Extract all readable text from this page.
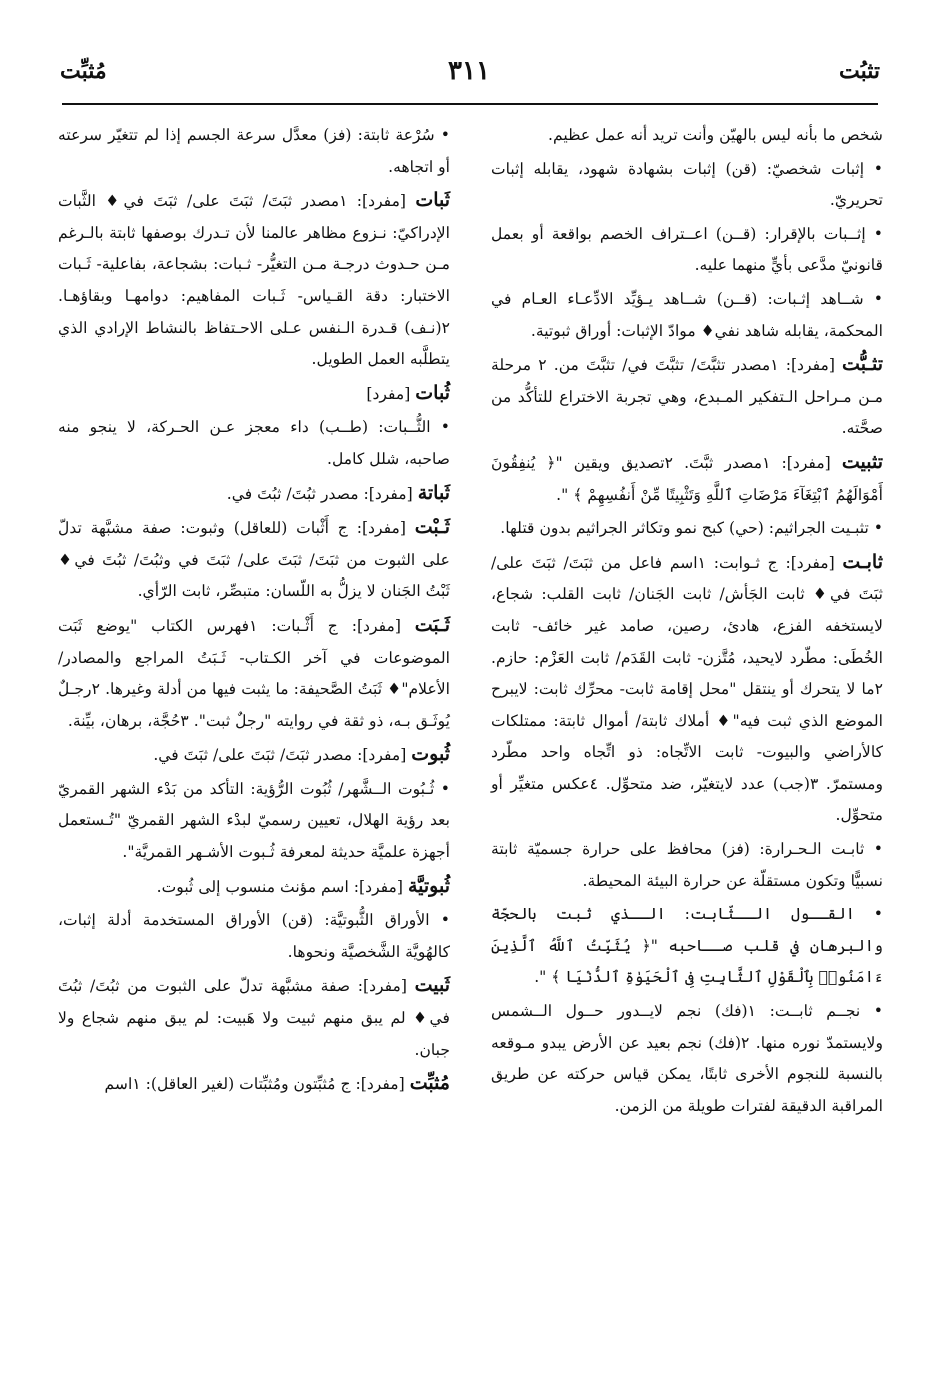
تثبُت
٣١١
مُثبِّت
شخص ما بأنه ليس بالهيّن وأنت تريد أنه عمل عظيم.
• إثبات شخصيّ: (قن) إثبات بشهادة شهود، يقابله إثبات تحريريّ.
• إثــبات بالإقرار: (قــن) اعــتراف الخصم بواقعة أو بعمل قانونيّ مدَّعى بأيٍّ منهما عليه.
• شــاهد إثـبات: (قــن) شــاهد يـؤيِّد الادِّعـاء العـام في المحكمة، يقابله شاهد نفي♦ موادّ الإثبات: أوراق ثبوتية.
تثـبُّت [مفرد]: ١مصدر تثبَّتَ/ تثبَّتَ في/ تثبَّتَ من. ٢ مرحلة مـن مـراحل الـتفكير المـبدع، وهي تجربة الاختراع للتأكُّد من صحَّته.
تثبيت [مفرد]: ١مصدر ثبَّتَ. ٢تصديق ويقين "﴿ يُنفِقُونَ أَمْوَالَهُمُ ٱبْتِغَآءَ مَرْضَاتِ ٱللَّهِ وَتَثْبِيتًا مِّنْ أَنفُسِهِمْ ﴾ ".
• تثبـيت الجراثيم: (حي) كبح نمو وتكاثر الجراثيم بدون قتلها.
ثابـت [مفرد]: ج ثـوابت: ١اسم فاعل من ثبَتَ/ ثبَتَ على/ ثبَتَ في♦ ثابت الجَأش/ ثابت الجَنان/ ثابت القلب: شجاع، لايستخفه الفزع، هادئ، رصين، صامد غير خائف- ثابت الخُطَى: مطّرد لايحيد، مُتَّزن- ثابت القَدَم/ ثابت العَزْم: حازم. ٢ما لا يتحرك أو ينتقل "محل إقامة ثابت- محرِّك ثابت: لايبرح الموضع الذي ثبت فيه"♦ أملاك ثابتة/ أموال ثابتة: ممتلكات كالأراضي والبيوت- ثابت الاتِّجاه: ذو اتِّجاه واحد مطّرد ومستمرّ. ٣(جب) عدد لايتغيّر، ضد متحوِّل. ٤عكس متغيِّر أو متحوِّل.
• ثابـت الـحـرارة: (فز) محافظ على حرارة جسميّة ثابتة نسبيًّا وتكون مستقلّة عن حرارة البيئة المحيطة.
• القــول الــثّابت: الــذي ثبت بالحجّة والبرهان في قلب صــاحبه "﴿ يُثَبِّتُ ٱللَّهُ ٱلَّذِينَ ءَامَنُوا۟ بِٱلْقَوْلِ ٱلثَّابِتِ فِى ٱلْحَيَوٰةِ ٱلدُّنْيَا ﴾ ".
• نجــم ثابــت: ١(فك) نجم لايــدور حــول الــشمس ولايستمدّ نوره منها. ٢(فك) نجم بعيد عن الأرض يبدو مـوقعه بالنسبة للنجوم الأخرى ثابتًا، يمكن قياس حركته عن طريق المراقبة الدقيقة لفترات طويلة من الزمن.
• سُرْعة ثابتة: (فز) معدَّل سرعة الجسم إذا لم تتغيّر سرعته أو اتجاهه.
ثَبات [مفرد]: ١مصدر ثبَتَ/ ثبَتَ على/ ثبَتَ في♦ الثَّبات الإدراكيّ: نـزوع مظاهر عالمنا لأن تـدرك بوصفها ثابتة بالـرغم مـن حـدوث درجـة مـن التغيُّر- ثـبات: بشجاعة، بفاعلية- ثَـبات الاختبار: دقة القـياس- ثَـبات المفاهيم: دوامهـا وبقاؤهـا. ٢(نـف) قـدرة الـنفس عـلى الاحـتفاظ بالنشاط الإرادي الذي يتطلَّبه العمل الطويل.
ثُبات [مفرد]
• الثُّــبات: (طــب) داء معجز عـن الحـركة، لا ينجو منه صاحبه، شلل كامل.
ثَباتة [مفرد]: مصدر ثبُتَ/ ثبُتَ في.
ثَـبْت [مفرد]: ج أَثْبات (للعاقل) وثبوت: صفة مشبَّهة تدلّ على الثبوت من ثبَتَ/ ثبَتَ على/ ثبَتَ في وثبُتَ/ ثبُتَ في♦ ثَبْتُ الجَنان لا يزلُّ به اللّسان: متبصِّر، ثابت الرّأي.
ثَـبَت [مفرد]: ج أَثْـبات: ١فهرس الكتاب "يوضع ثَبَت الموضوعات في آخر الكـتاب- ثَـبَتُ المراجع والمصادر/ الأعلام"♦ ثَبَتُ الصَّحيفة: ما يثبت فيها من أدلة وغيرها. ٢رجـلٌ يُوثَـق بـه، ذو ثقة في روايته "رجلٌ ثبت". ٣حُجَّة، برهان، بيِّنة.
ثُبوت [مفرد]: مصدر ثبَتَ/ ثبَتَ على/ ثبَتَ في.
• ثُـبُوت الــشَّهر/ ثُبُوت الرُّؤية: التأكد من بَدْء الشهر القمريّ بعد رؤية الهلال، تعيين رسميّ لبدْء الشهر القمريّ "تُـستعمل أجهزة علميَّة حديثة لمعرفة ثُـبوت الأشـهر القمريَّة".
ثُبوتيَّة [مفرد]: اسم مؤنث منسوب إلى ثُبوت.
• الأوراق الثُّبوتيَّة: (قن) الأوراق المستخدمة أدلة إثبات، كالهُويَّة الشَّخصيَّة ونحوها.
ثَبيت [مفرد]: صفة مشبَّهة تدلّ على الثبوت من ثبُتَ/ ثبُتَ في♦ لم يبق منهم ثبيت ولا هَبيت: لم يبق منهم شجاع ولا جبان.
مُثبِّت [مفرد]: ج مُثبِّتون ومُثبِّتات (لغير العاقل): ١اسم
